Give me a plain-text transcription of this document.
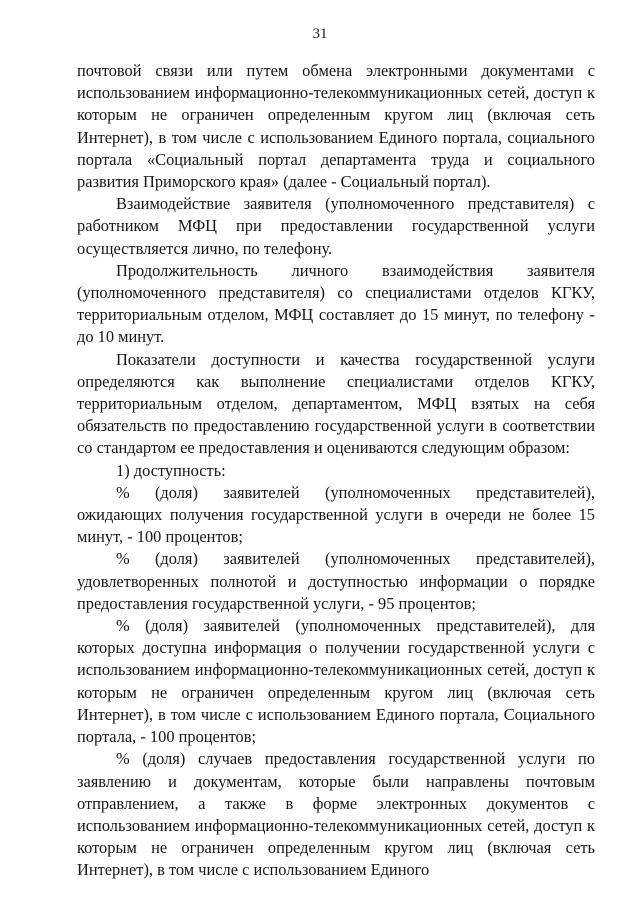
31

почтовой связи или путем обмена электронными документами с использованием информационно-телекоммуникационных сетей, доступ к которым не ограничен определенным кругом лиц (включая сеть Интернет), в том числе с использованием Единого портала, социального портала «Социальный портал департамента труда и социального развития Приморского края» (далее - Социальный портал).

Взаимодействие заявителя (уполномоченного представителя) с работником МФЦ при предоставлении государственной услуги осуществляется лично, по телефону.

Продолжительность личного взаимодействия заявителя (уполномоченного представителя) со специалистами отделов КГКУ, территориальным отделом, МФЦ составляет до 15 минут, по телефону - до 10 минут.

Показатели доступности и качества государственной услуги определяются как выполнение специалистами отделов КГКУ, территориальным отделом, департаментом, МФЦ взятых на себя обязательств по предоставлению государственной услуги в соответствии со стандартом ее предоставления и оцениваются следующим образом:

1) доступность:

% (доля) заявителей (уполномоченных представителей), ожидающих получения государственной услуги в очереди не более 15 минут, - 100 процентов;

% (доля) заявителей (уполномоченных представителей), удовлетворенных полнотой и доступностью информации о порядке предоставления государственной услуги, - 95 процентов;

% (доля) заявителей (уполномоченных представителей), для которых доступна информация о получении государственной услуги с использованием информационно-телекоммуникационных сетей, доступ к которым не ограничен определенным кругом лиц (включая сеть Интернет), в том числе с использованием Единого портала, Социального портала, - 100 процентов;

% (доля) случаев предоставления государственной услуги по заявлению и документам, которые были направлены почтовым отправлением, а также в форме электронных документов с использованием информационно-телекоммуникационных сетей, доступ к которым не ограничен определенным кругом лиц (включая сеть Интернет), в том числе с использованием Единого
